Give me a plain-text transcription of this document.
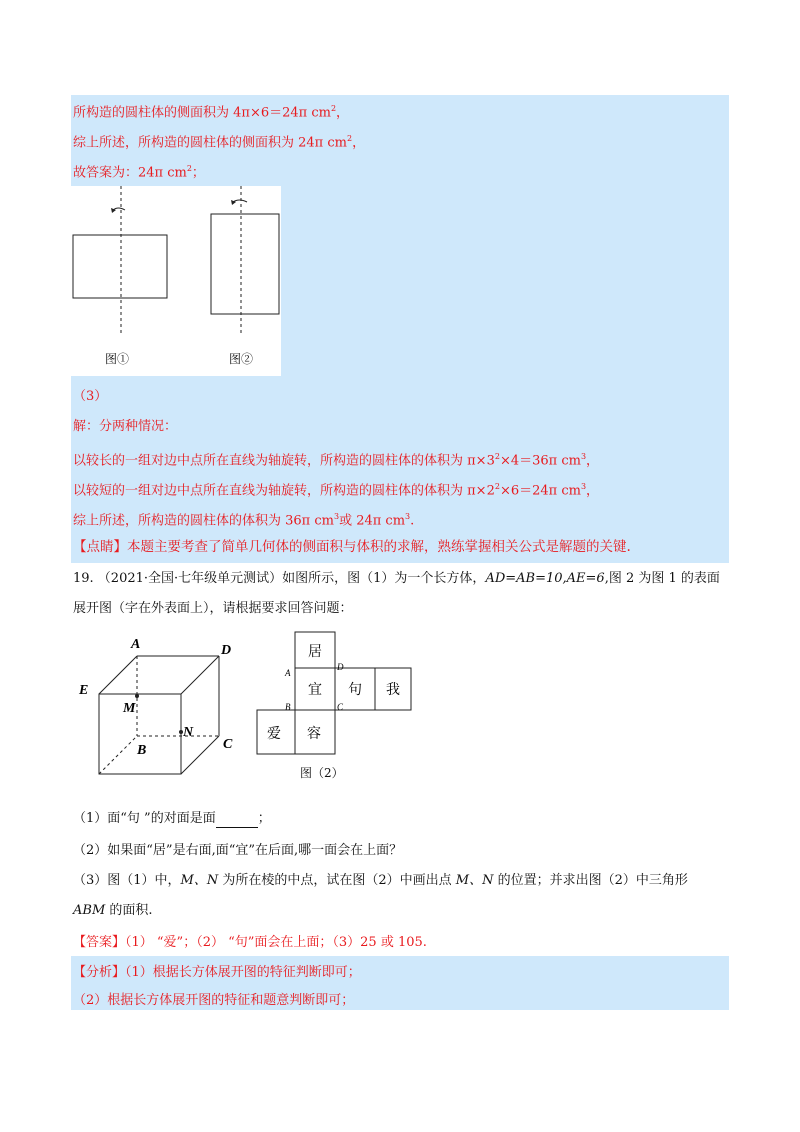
所构造的圆柱体的侧面积为 4π×6＝24π $cm^2$，
综上所述，所构造的圆柱体的侧面积为 24π $cm^2$，
故答案为：24π $cm^2$；
图①	图②
（3）
解：分两种情况：
以较长的一组对边中点所在直线为轴旋转，所构造的圆柱体的体积为 $\pi\times 3^2\times 4=36\pi$ $cm^3$，
以较短的一组对边中点所在直线为轴旋转，所构造的圆柱体的体积为 $\pi\times 2^2\times 6=24\pi$ $cm^3$，
综上所述，所构造的圆柱体的体积为 36π $cm^3$或 24π $cm^3$.
【点睛】本题主要考查了简单几何体的侧面积与体积的求解，熟练掌握相关公式是解题的关键.
19. （2021·全国·七年级单元测试）如图所示，图（1）为一个长方体，AD=AB=10,AE=6,图 2 为图 1 的表面
展开图（字在外表面上），请根据要求回答问题：
A	D
E
M
N
B	C
居
宜 句 我
爱 容
D
A
B	C
图（2）
（1）面“句 ”的对面是面	；
（2）如果面“居”是右面,面“宜”在后面,哪一面会在上面？
（3）图（1）中，M、N 为所在棱的中点，试在图（2）中画出点 M、N 的位置；并求出图（2）中三角形
ABM 的面积.
【答案】（1） “爱”；（2） “句”面会在上面；（3）25 或 105.
【分析】（1）根据长方体展开图的特征判断即可；
（2）根据长方体展开图的特征和题意判断即可；
